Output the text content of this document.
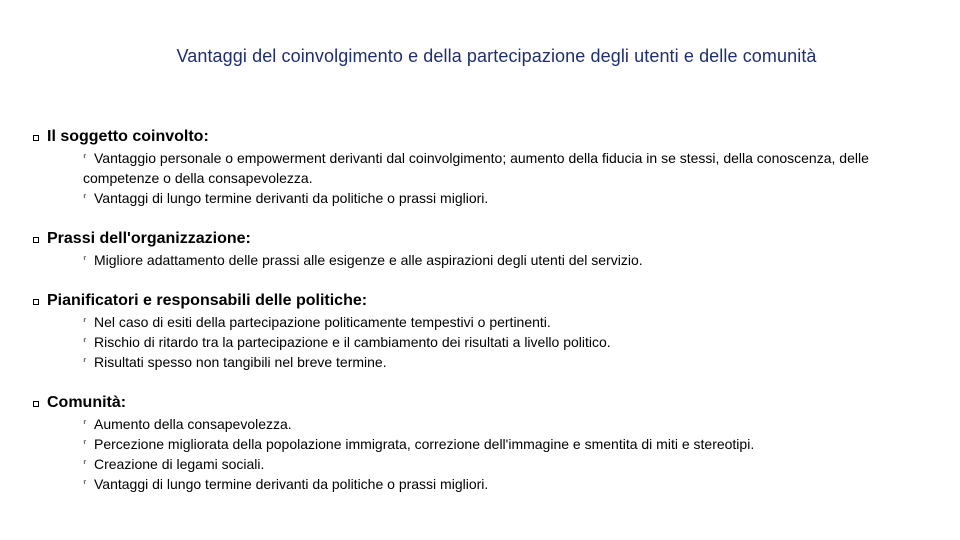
Vantaggi del coinvolgimento e della partecipazione degli utenti e delle comunità
Il soggetto coinvolto:
⸢ Vantaggio personale o empowerment derivanti dal coinvolgimento; aumento della fiducia in se stessi, della conoscenza, delle competenze o della consapevolezza.
⸢ Vantaggi di lungo termine derivanti da politiche o prassi migliori.
Prassi dell'organizzazione:
⸢ Migliore adattamento delle prassi alle esigenze e alle aspirazioni degli utenti del servizio.
Pianificatori e responsabili delle politiche:
⸢ Nel caso di esiti della partecipazione politicamente tempestivi o pertinenti.
⸢ Rischio di ritardo tra la partecipazione e il cambiamento dei risultati a livello politico.
⸢ Risultati spesso non tangibili nel breve termine.
Comunità:
⸢ Aumento della consapevolezza.
⸢ Percezione migliorata della popolazione immigrata, correzione dell'immagine e smentita di miti e stereotipi.
⸢ Creazione di legami sociali.
⸢ Vantaggi di lungo termine derivanti da politiche o prassi migliori.
